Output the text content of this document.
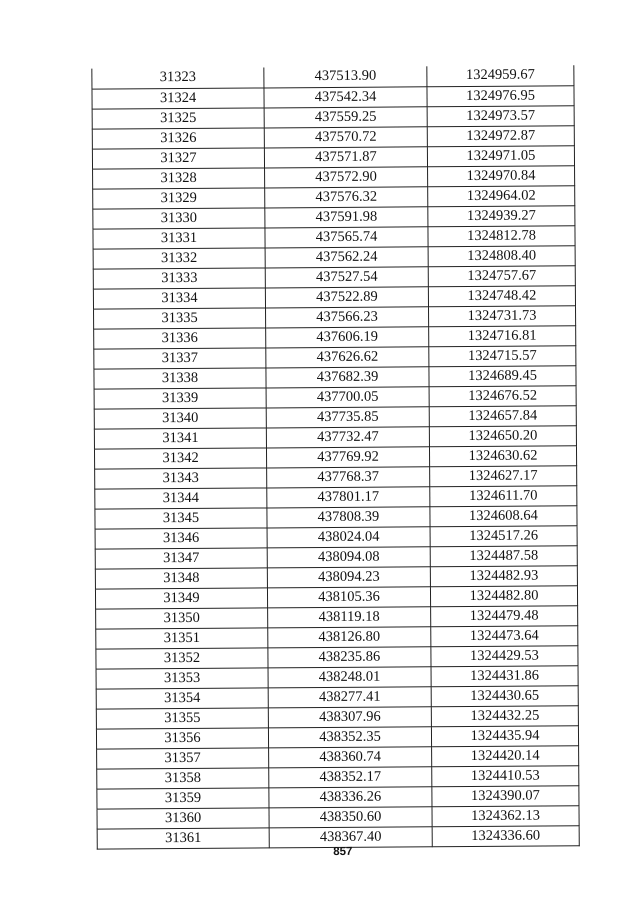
31323	437513.90	1324959.67
31324	437542.34	1324976.95
31325	437559.25	1324973.57
31326	437570.72	1324972.87
31327	437571.87	1324971.05
31328	437572.90	1324970.84
31329	437576.32	1324964.02
31330	437591.98	1324939.27
31331	437565.74	1324812.78
31332	437562.24	1324808.40
31333	437527.54	1324757.67
31334	437522.89	1324748.42
31335	437566.23	1324731.73
31336	437606.19	1324716.81
31337	437626.62	1324715.57
31338	437682.39	1324689.45
31339	437700.05	1324676.52
31340	437735.85	1324657.84
31341	437732.47	1324650.20
31342	437769.92	1324630.62
31343	437768.37	1324627.17
31344	437801.17	1324611.70
31345	437808.39	1324608.64
31346	438024.04	1324517.26
31347	438094.08	1324487.58
31348	438094.23	1324482.93
31349	438105.36	1324482.80
31350	438119.18	1324479.48
31351	438126.80	1324473.64
31352	438235.86	1324429.53
31353	438248.01	1324431.86
31354	438277.41	1324430.65
31355	438307.96	1324432.25
31356	438352.35	1324435.94
31357	438360.74	1324420.14
31358	438352.17	1324410.53
31359	438336.26	1324390.07
31360	438350.60	1324362.13
31361	438367.40	1324336.60
857
